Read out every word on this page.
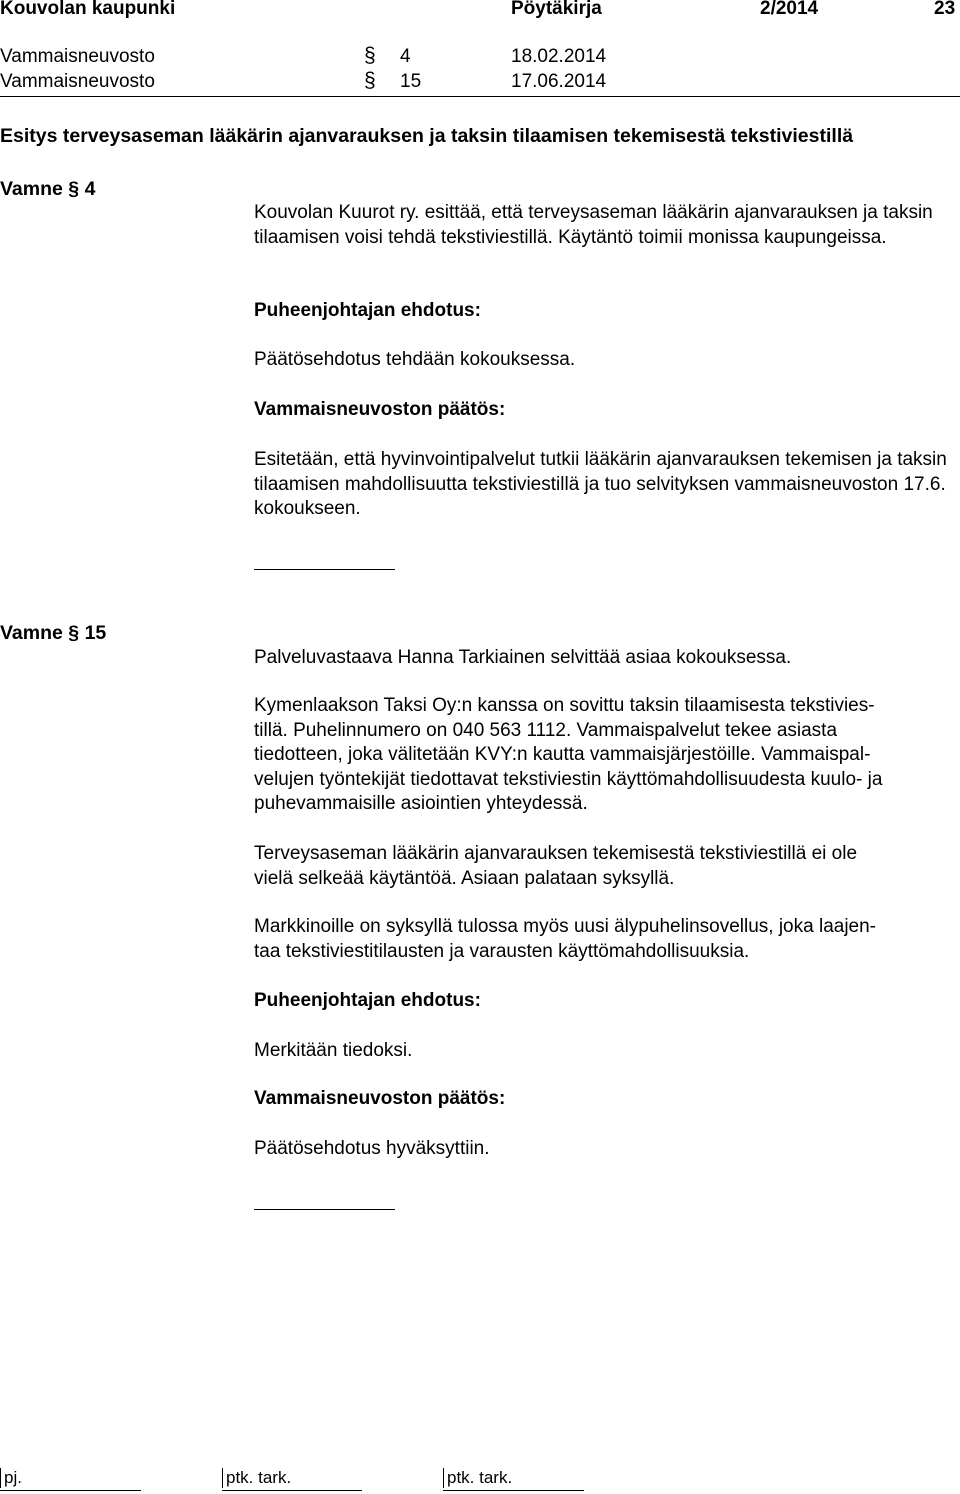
Kouvolan kaupunki	Pöytäkirja	2/2014	23
Vammaisneuvosto	§ 4	18.02.2014
Vammaisneuvosto	§ 15	17.06.2014
Esitys terveysaseman lääkärin ajanvarauksen ja taksin tilaamisen tekemisestä tekstiviestillä
Vamne § 4

Kouvolan Kuurot ry. esittää, että terveysaseman lääkärin ajanvarauksen ja taksin tilaamisen voisi tehdä tekstiviestillä. Käytäntö toimii monissa kaupungeissa.

Puheenjohtajan ehdotus:

Päätösehdotus tehdään kokouksessa.

Vammaisneuvoston päätös:

Esitetään, että hyvinvointipalvelut tutkii lääkärin ajanvarauksen tekemisen ja taksin tilaamisen mahdollisuutta tekstiviestillä ja tuo selvityksen vammaisneuvoston 17.6. kokoukseen.

Vamne § 15

Palveluvastaava Hanna Tarkiainen selvittää asiaa kokouksessa.

Kymenlaakson Taksi Oy:n kanssa on sovittu taksin tilaamisesta tekstivies-
tillä. Puhelinnumero on 040 563 1112. Vammaispalvelut tekee asiasta
tiedotteen, joka välitetään KVY:n kautta vammaisjärjestöille. Vammaispal-
velujen työntekijät tiedottavat tekstiviestin käyttömahdollisuudesta kuulo- ja
puhevammaisille asiointien yhteydessä.
Terveysaseman lääkärin ajanvarauksen tekemisestä tekstiviestillä ei ole
vielä selkeää käytäntöä. Asiaan palataan syksyllä.
Markkinoille on syksyllä tulossa myös uusi älypuhelinsovellus, joka laajen-
taa tekstiviestitilausten ja varausten käyttömahdollisuuksia.

Puheenjohtajan ehdotus:

Merkitään tiedoksi.

Vammaisneuvoston päätös:

Päätösehdotus hyväksyttiin.

pj.	ptk. tark.	ptk. tark.
